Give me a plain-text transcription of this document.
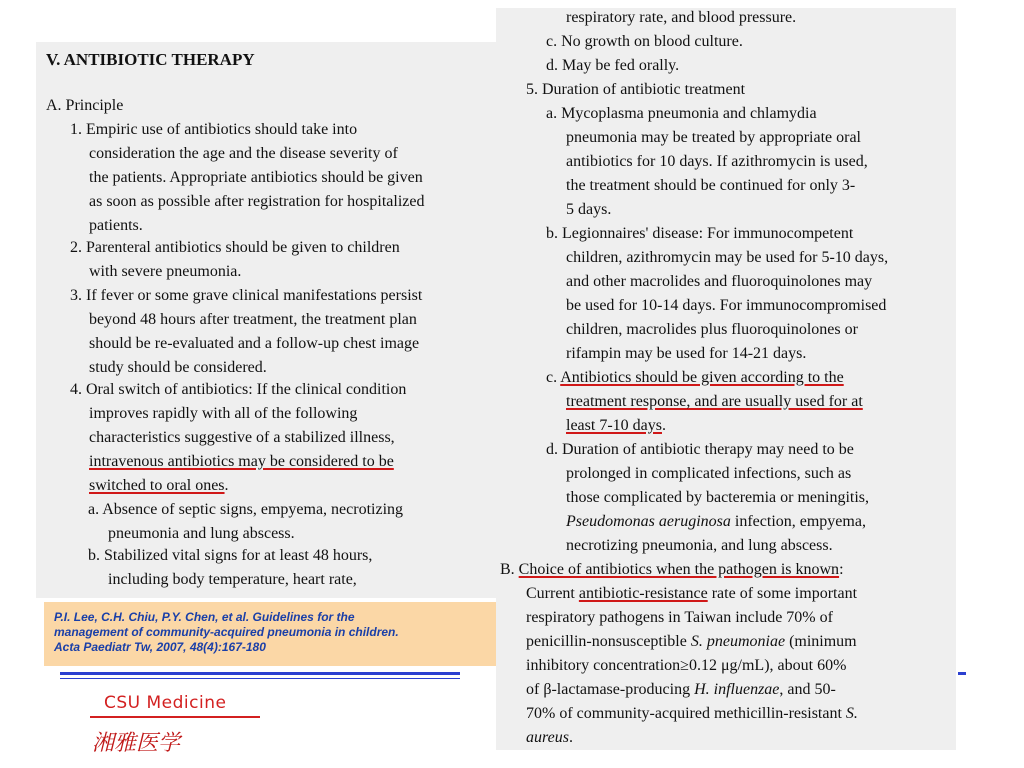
V. ANTIBIOTIC THERAPY
A. Principle
1. Empiric use of antibiotics should take into
consideration the age and the disease severity of
the patients. Appropriate antibiotics should be given
as soon as possible after registration for hospitalized
patients.
2. Parenteral antibiotics should be given to children
with severe pneumonia.
3. If fever or some grave clinical manifestations persist
beyond 48 hours after treatment, the treatment plan
should be re-evaluated and a follow-up chest image
study should be considered.
4. Oral switch of antibiotics: If the clinical condition
improves rapidly with all of the following
characteristics suggestive of a stabilized illness,
intravenous antibiotics may be considered to be
switched to oral ones.
a. Absence of septic signs, empyema, necrotizing
pneumonia and lung abscess.
b. Stabilized vital signs for at least 48 hours,
including body temperature, heart rate,
respiratory rate, and blood pressure.
c. No growth on blood culture.
d. May be fed orally.
5. Duration of antibiotic treatment
a. Mycoplasma pneumonia and chlamydia
pneumonia may be treated by appropriate oral
antibiotics for 10 days. If azithromycin is used,
the treatment should be continued for only 3-
5 days.
b. Legionnaires' disease: For immunocompetent
children, azithromycin may be used for 5-10 days,
and other macrolides and fluoroquinolones may
be used for 10-14 days. For immunocompromised
children, macrolides plus fluoroquinolones or
rifampin may be used for 14-21 days.
c. Antibiotics should be given according to the
treatment response, and are usually used for at
least 7-10 days.
d. Duration of antibiotic therapy may need to be
prolonged in complicated infections, such as
those complicated by bacteremia or meningitis,
Pseudomonas aeruginosa infection, empyema,
necrotizing pneumonia, and lung abscess.
B. Choice of antibiotics when the pathogen is known:
Current antibiotic-resistance rate of some important
respiratory pathogens in Taiwan include 70% of
penicillin-nonsusceptible S. pneumoniae (minimum
inhibitory concentration≥0.12 μg/mL), about 60%
of β-lactamase-producing H. influenzae, and 50-
70% of community-acquired methicillin-resistant S.
aureus.
P.I. Lee, C.H. Chiu, P.Y. Chen, et al. Guidelines for the
management of community-acquired pneumonia in children.
Acta Paediatr Tw, 2007, 48(4):167-180
CSU Medicine
湘雅医学
